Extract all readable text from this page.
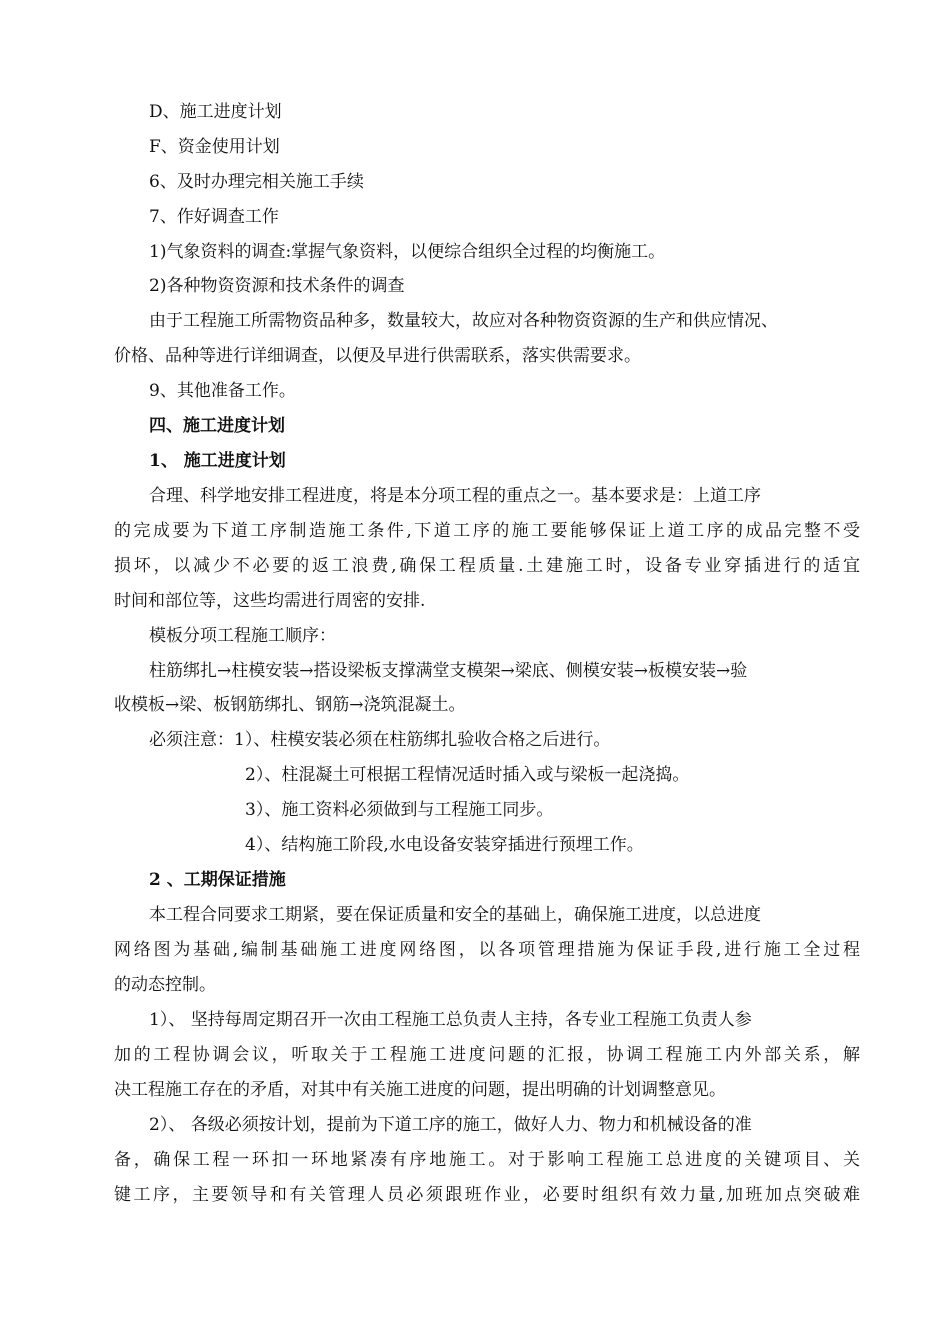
D、施工进度计划
F、资金使用计划
6、及时办理完相关施工手续
7、作好调查工作
1)气象资料的调查:掌握气象资料，以便综合组织全过程的均衡施工。
2)各种物资资源和技术条件的调查
由于工程施工所需物资品种多，数量较大，故应对各种物资资源的生产和供应情况、
价格、品种等进行详细调查，以便及早进行供需联系，落实供需要求。
9、其他准备工作。
四、施工进度计划
1、 施工进度计划
合理、科学地安排工程进度，将是本分项工程的重点之一。基本要求是：上道工序
的完成要为下道工序制造施工条件,下道工序的施工要能够保证上道工序的成品完整不受
损坏，以减少不必要的返工浪费,确保工程质量.土建施工时，设备专业穿插进行的适宜
时间和部位等，这些均需进行周密的安排.
模板分项工程施工顺序：
柱筋绑扎→柱模安装→搭设梁板支撑满堂支模架→梁底、侧模安装→板模安装→验
收模板→梁、板钢筋绑扎、钢筋→浇筑混凝土。
必须注意：1）、柱模安装必须在柱筋绑扎验收合格之后进行。
2）、柱混凝土可根据工程情况适时插入或与梁板一起浇捣。
3）、施工资料必须做到与工程施工同步。
4）、结构施工阶段,水电设备安装穿插进行预埋工作。
2 、工期保证措施
本工程合同要求工期紧，要在保证质量和安全的基础上，确保施工进度，以总进度
网络图为基础,编制基础施工进度网络图，以各项管理措施为保证手段,进行施工全过程
的动态控制。
1）、 坚持每周定期召开一次由工程施工总负责人主持，各专业工程施工负责人参
加的工程协调会议，听取关于工程施工进度问题的汇报，协调工程施工内外部关系，解
决工程施工存在的矛盾，对其中有关施工进度的问题，提出明确的计划调整意见。
2）、 各级必须按计划，提前为下道工序的施工，做好人力、物力和机械设备的准
备，确保工程一环扣一环地紧凑有序地施工。对于影响工程施工总进度的关键项目、关
键工序，主要领导和有关管理人员必须跟班作业，必要时组织有效力量,加班加点突破难
